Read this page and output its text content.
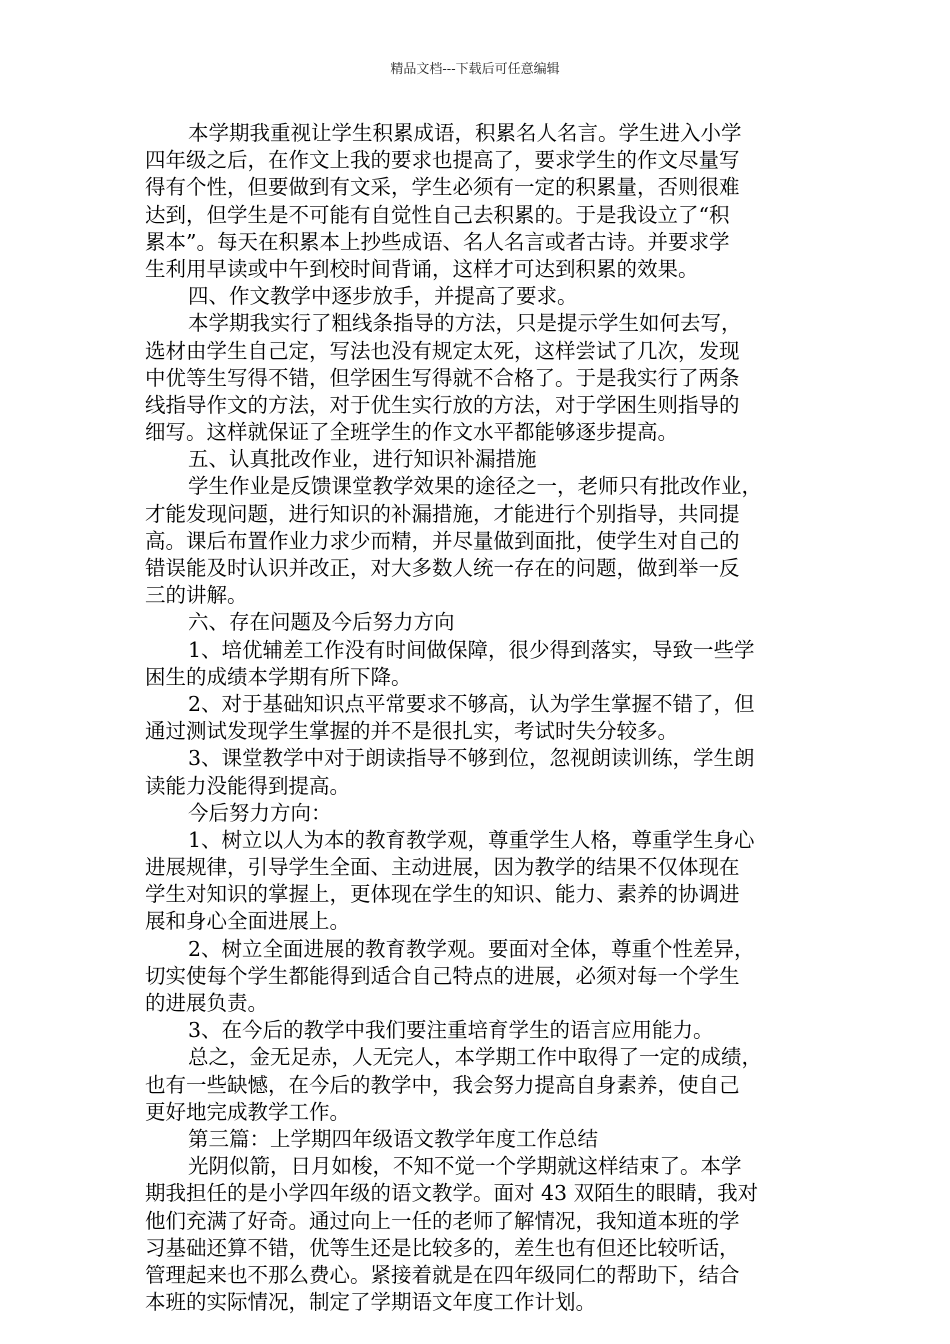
精品文档---下载后可任意编辑
本学期我重视让学生积累成语，积累名人名言。学生进入小学
四年级之后，在作文上我的要求也提高了，要求学生的作文尽量写
得有个性，但要做到有文采，学生必须有一定的积累量，否则很难
达到，但学生是不可能有自觉性自己去积累的。于是我设立了“积
累本”。每天在积累本上抄些成语、名人名言或者古诗。并要求学
生利用早读或中午到校时间背诵，这样才可达到积累的效果。
四、作文教学中逐步放手，并提高了要求。
本学期我实行了粗线条指导的方法，只是提示学生如何去写，
选材由学生自己定，写法也没有规定太死，这样尝试了几次，发现
中优等生写得不错，但学困生写得就不合格了。于是我实行了两条
线指导作文的方法，对于优生实行放的方法，对于学困生则指导的
细写。这样就保证了全班学生的作文水平都能够逐步提高。
五、认真批改作业，进行知识补漏措施
学生作业是反馈课堂教学效果的途径之一，老师只有批改作业，
才能发现问题，进行知识的补漏措施，才能进行个别指导，共同提
高。课后布置作业力求少而精，并尽量做到面批，使学生对自己的
错误能及时认识并改正，对大多数人统一存在的问题，做到举一反
三的讲解。
六、存在问题及今后努力方向
1、培优辅差工作没有时间做保障，很少得到落实，导致一些学
困生的成绩本学期有所下降。
2、对于基础知识点平常要求不够高，认为学生掌握不错了，但
通过测试发现学生掌握的并不是很扎实，考试时失分较多。
3、课堂教学中对于朗读指导不够到位，忽视朗读训练，学生朗
读能力没能得到提高。
今后努力方向：
1、树立以人为本的教育教学观，尊重学生人格，尊重学生身心
进展规律，引导学生全面、主动进展，因为教学的结果不仅体现在
学生对知识的掌握上，更体现在学生的知识、能力、素养的协调进
展和身心全面进展上。
2、树立全面进展的教育教学观。要面对全体，尊重个性差异，
切实使每个学生都能得到适合自己特点的进展，必须对每一个学生
的进展负责。
3、在今后的教学中我们要注重培育学生的语言应用能力。
总之，金无足赤，人无完人，本学期工作中取得了一定的成绩，
也有一些缺憾，在今后的教学中，我会努力提高自身素养，使自己
更好地完成教学工作。
第三篇：上学期四年级语文教学年度工作总结
光阴似箭，日月如梭，不知不觉一个学期就这样结束了。本学
期我担任的是小学四年级的语文教学。面对 43 双陌生的眼睛，我对
他们充满了好奇。通过向上一任的老师了解情况，我知道本班的学
习基础还算不错，优等生还是比较多的，差生也有但还比较听话，
管理起来也不那么费心。紧接着就是在四年级同仁的帮助下，结合
本班的实际情况，制定了学期语文年度工作计划。
